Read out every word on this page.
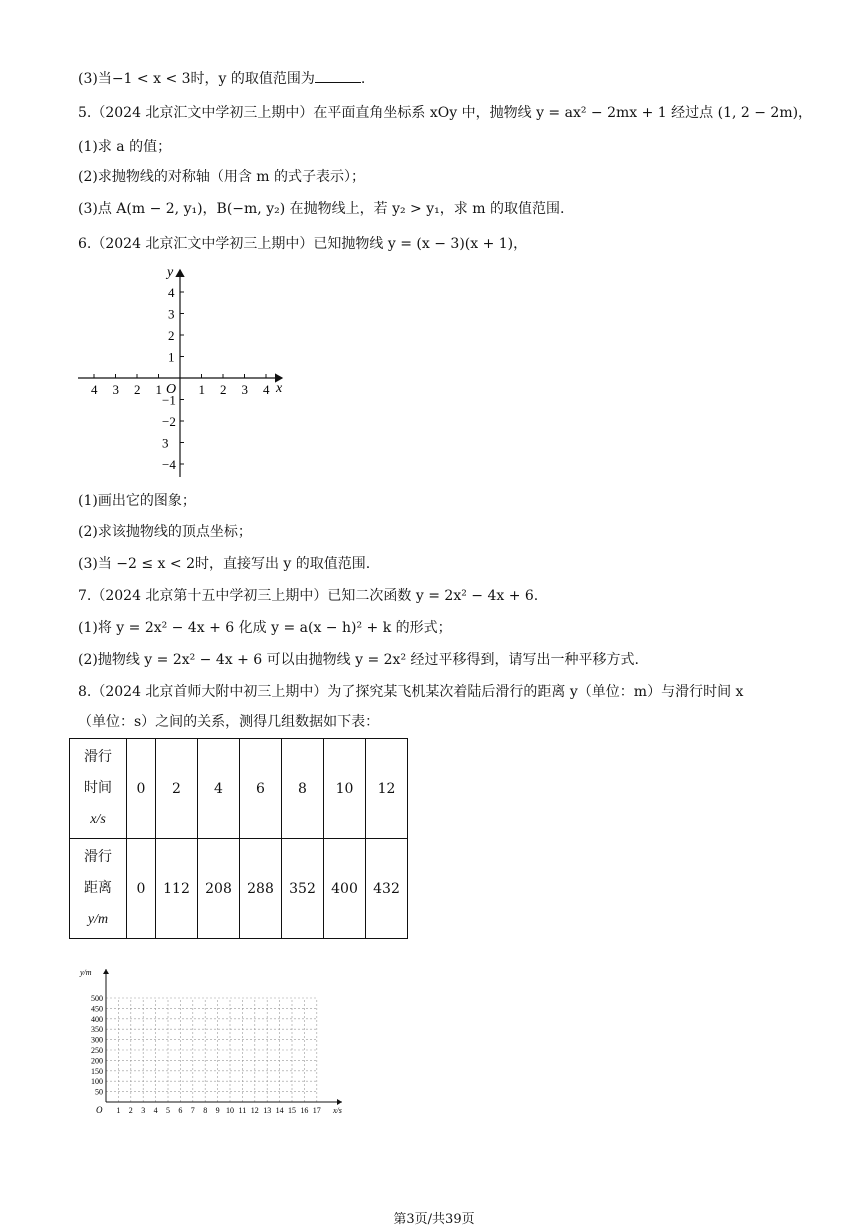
(3)当−1 < x < 3时，y 的取值范围为	.
5.（2024 北京汇文中学初三上期中）在平面直角坐标系 xOy 中，抛物线 y = ax² − 2mx + 1 经过点 (1, 2 − 2m)，
(1)求 a 的值；
(2)求抛物线的对称轴（用含 m 的式子表示）；
(3)点 A(m − 2, y₁)，B(−m, y₂) 在抛物线上，若 y₂ > y₁，求 m 的取值范围.
6.（2024 北京汇文中学初三上期中）已知抛物线 y = (x − 3)(x + 1)，
y
x
O
4
3
2
1
−1
−2
3
−4
4 3 2 1	1 2 3 4
(1)画出它的图象；
(2)求该抛物线的顶点坐标；
(3)当 −2 ≤ x < 2时，直接写出 y 的取值范围.
7.（2024 北京第十五中学初三上期中）已知二次函数 y = 2x² − 4x + 6.
(1)将 y = 2x² − 4x + 6 化成 y = a(x − h)² + k 的形式；
(2)抛物线 y = 2x² − 4x + 6 可以由抛物线 y = 2x² 经过平移得到，请写出一种平移方式.
8.（2024 北京首师大附中初三上期中）为了探究某飞机某次着陆后滑行的距离 y（单位：m）与滑行时间 x
（单位：s）之间的关系，测得几组数据如下表：
滑行
时间
x/s	0	2	4	6	8	10	12

滑行
距离
y/m	0	112	208	288	352	400	432
y/m
x/s
O
500
450
400
350
300
250
200
150
100
50
1 2 3 4 5 6 7 8 9 10 11 12 13 14 15 16 17
第3页/共39页
